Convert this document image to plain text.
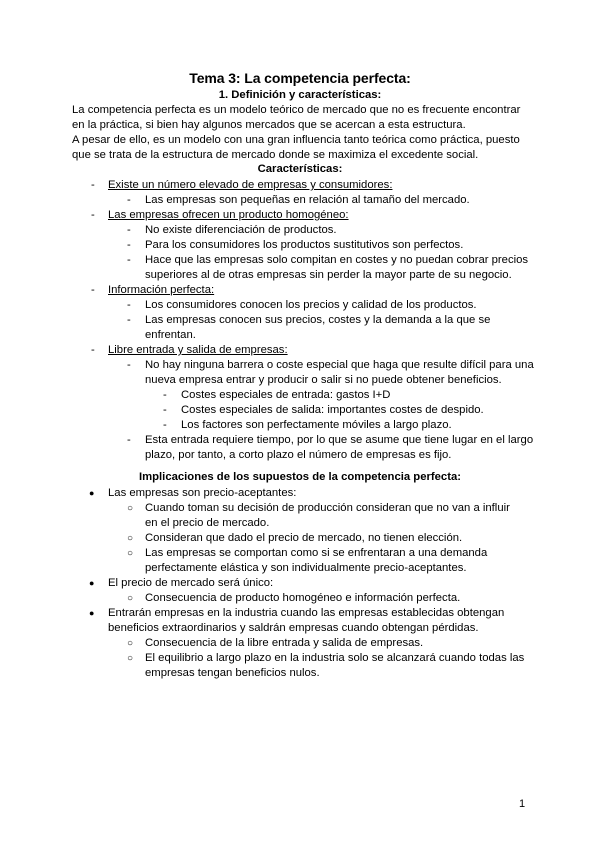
Tema 3: La competencia perfecta:
1. Definición y características:

La competencia perfecta es un modelo teórico de mercado que no es frecuente encontrar en la práctica, si bien hay algunos mercados que se acercan a esta estructura.

A pesar de ello, es un modelo con una gran influencia tanto teórica como práctica, puesto que se trata de la estructura de mercado donde se maximiza el excedente social.

Características:
- Existe un número elevado de empresas y consumidores:
- Las empresas son pequeñas en relación al tamaño del mercado.
- Las empresas ofrecen un producto homogéneo:
- No existe diferenciación de productos.
- Para los consumidores los productos sustitutivos son perfectos.
- Hace que las empresas solo compitan en costes y no puedan cobrar precios superiores al de otras empresas sin perder la mayor parte de su negocio.
- Información perfecta:
- Los consumidores conocen los precios y calidad de los productos.
- Las empresas conocen sus precios, costes y la demanda a la que se enfrentan.
- Libre entrada y salida de empresas:
- No hay ninguna barrera o coste especial que haga que resulte difícil para una nueva empresa entrar y producir o salir si no puede obtener beneficios.
- Costes especiales de entrada: gastos I+D
- Costes especiales de salida: importantes costes de despido.
- Los factores son perfectamente móviles a largo plazo.
- Esta entrada requiere tiempo, por lo que se asume que tiene lugar en el largo plazo, por tanto, a corto plazo el número de empresas es fijo.
Implicaciones de los supuestos de la competencia perfecta:
● Las empresas son precio-aceptantes:
○ Cuando toman su decisión de producción consideran que no van a influir en el precio de mercado.
○ Consideran que dado el precio de mercado, no tienen elección.
○ Las empresas se comportan como si se enfrentaran a una demanda perfectamente elástica y son individualmente precio-aceptantes.
● El precio de mercado será único:
○ Consecuencia de producto homogéneo e información perfecta.
● Entrarán empresas en la industria cuando las empresas establecidas obtengan beneficios extraordinarios y saldrán empresas cuando obtengan pérdidas.
○ Consecuencia de la libre entrada y salida de empresas.
○ El equilibrio a largo plazo en la industria solo se alcanzará cuando todas las empresas tengan beneficios nulos.
1
